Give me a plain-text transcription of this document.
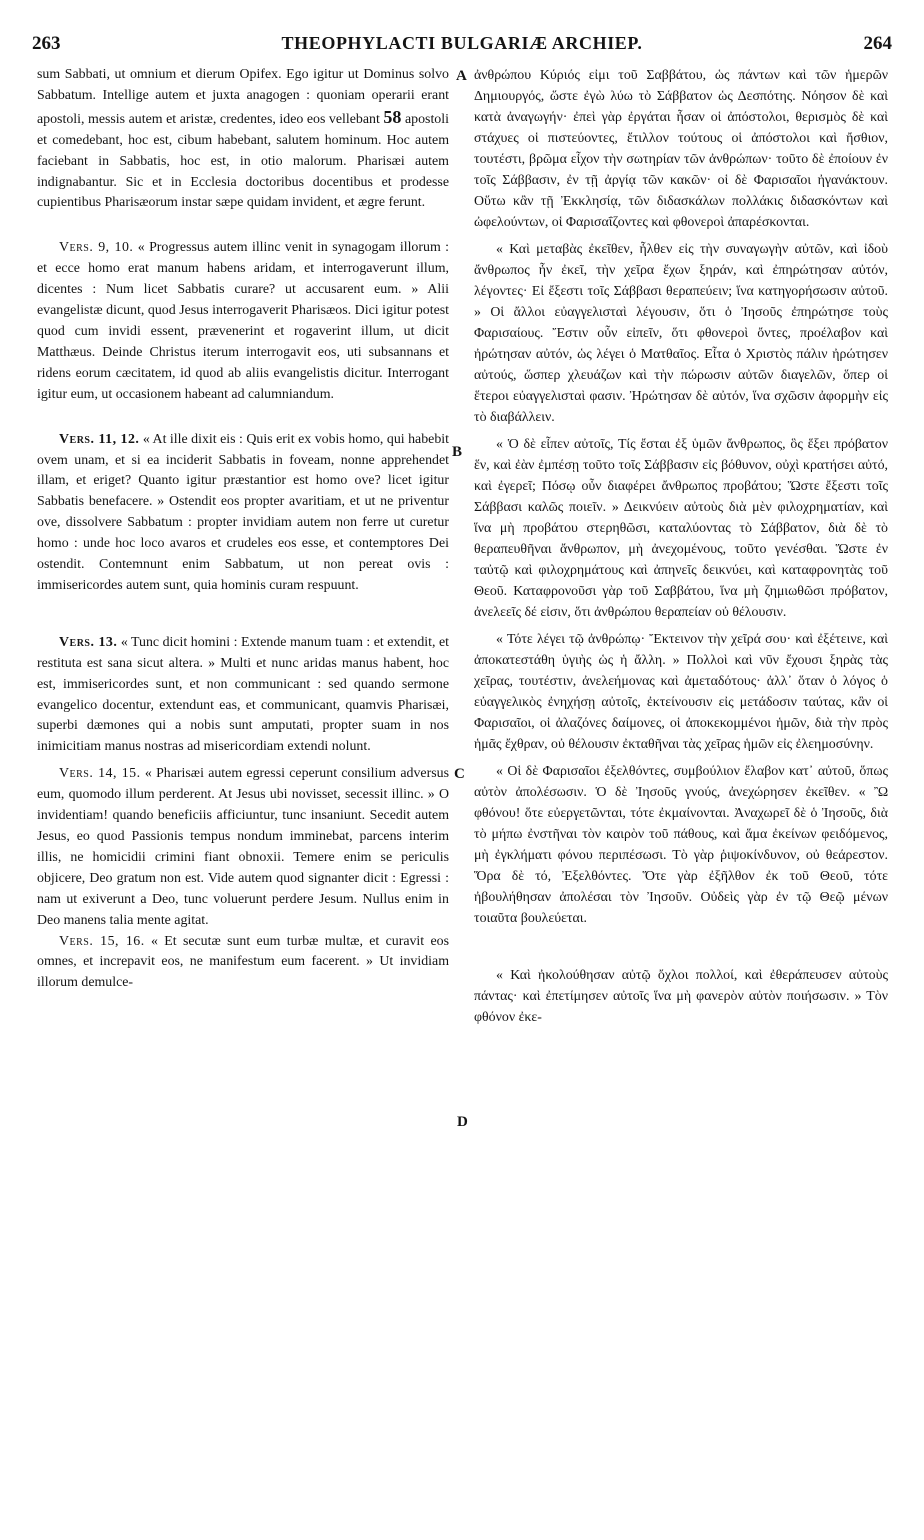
263	THEOPHYLACTI BULGARIÆ ARCHIEP.	264

sum Sabbati, ut omnium et dierum Opifex. Ego igitur ut Dominus solvo Sabbatum. Intellige autem et juxta anagogen : quoniam operarii erant apostoli, messis autem et aristæ, credentes, ideo eos vellebant 58 apostoli et comedebant, hoc est, cibum habebant, salutem hominum. Hoc autem faciebant in Sabbatis, hoc est, in otio malorum. Pharisæi autem indignabantur. Sic et in Ecclesia doctoribus docentibus et prodesse cupientibus Pharisæorum instar sæpe quidam invident, et ægre ferunt.

Vers. 9, 10. « Progressus autem illinc venit in synagogam illorum : et ecce homo erat manum habens aridam, et interrogaverunt illum, dicentes : Num licet Sabbatis curare? ut accusarent eum. » Alii evangelistæ dicunt, quod Jesus interrogaverit Pharisæos. Dici igitur potest quod cum invidi essent, prævenerint et rogaverint illum, ut dicit Matthæus. Deinde Christus iterum interrogavit eos, uti subsannans et ridens eorum cæcitatem, id quod ab aliis evangelistis dicitur. Interrogant igitur eum, ut occasionem habeant ad calumniandum.

Vers. 11, 12. « At ille dixit eis : Quis erit ex vobis homo, qui habebit ovem unam, et si ea inciderit Sabbatis in foveam, nonne apprehendet illam, et eriget? Quanto igitur præstantior est homo ove? licet igitur Sabbatis benefacere. » Ostendit eos propter avaritiam, et ut ne priventur ove, dissolvere Sabbatum : propter invidiam autem non ferre ut curetur homo : unde hoc loco avaros et crudeles eos esse, et contemptores Dei ostendit. Contemnunt enim Sabbatum, ut non pereat ovis : immisericordes autem sunt, quia hominis curam respuunt.

Vers. 13. « Tunc dicit homini : Extende manum tuam : et extendit, et restituta est sana sicut altera. » Multi et nunc aridas manus habent, hoc est, immisericordes sunt, et non communicant : sed quando sermone evangelico docentur, extendunt eas, et communicant, quamvis Pharisæi, superbi dæmones qui a nobis sunt amputati, propter suam in nos inimicitiam manus nostras ad misericordiam extendi nolunt.

Vers. 14, 15. « Pharisæi autem egressi ceperunt consilium adversus eum, quomodo illum perderent. At Jesus ubi novisset, secessit illinc. » O invidentiam! quando beneficiis afficiuntur, tunc insaniunt. Secedit autem Jesus, eo quod Passionis tempus nondum imminebat, parcens interim illis, ne homicidii crimini fiant obnoxii. Temere enim se periculis objicere, Deo gratum non est. Vide autem quod signanter dicit : Egressi : nam ut exiverunt a Deo, tunc voluerunt perdere Jesum. Nullus enim in Deo manens talia mente agitat.

Vers. 15, 16. « Et secutæ sunt eum turbæ multæ, et curavit eos omnes, et increpavit eos, ne manifestum eum facerent. » Ut invidiam illorum demulce-

A
B
C
D

ἀνθρώπου Κύριός εἰμι τοῦ Σαββάτου, ὡς πάντων καὶ τῶν ἡμερῶν Δημιουργός, ὥστε ἐγὼ λύω τὸ Σάββατον ὡς Δεσπότης. Νόησον δὲ καὶ κατὰ ἀναγωγήν· ἐπεὶ γὰρ ἐργάται ἦσαν οἱ ἀπόστολοι, θερισμὸς δὲ καὶ στάχυες οἱ πιστεύοντες, ἔτιλλον τούτους οἱ ἀπόστολοι καὶ ἤσθιον, τουτέστι, βρῶμα εἶχον τὴν σωτηρίαν τῶν ἀνθρώπων· τοῦτο δὲ ἐποίουν ἐν τοῖς Σάββασιν, ἐν τῇ ἀργίᾳ τῶν κακῶν· οἱ δὲ Φαρισαῖοι ἠγανάκτουν. Οὕτω κἂν τῇ Ἐκκλησίᾳ, τῶν διδασκάλων πολλάκις διδασκόντων καὶ ὠφελούντων, οἱ Φαρισαΐζοντες καὶ φθονεροὶ ἀπαρέσκονται.

« Καὶ μεταβὰς ἐκεῖθεν, ἦλθεν εἰς τὴν συναγωγὴν αὐτῶν, καὶ ἰδοὺ ἄνθρωπος ἦν ἐκεῖ, τὴν χεῖρα ἔχων ξηράν, καὶ ἐπηρώτησαν αὐτόν, λέγοντες· Εἰ ἔξεστι τοῖς Σάββασι θεραπεύειν; ἵνα κατηγορήσωσιν αὐτοῦ. » Οἱ ἄλλοι εὐαγγελισταὶ λέγουσιν, ὅτι ὁ Ἰησοῦς ἐπηρώτησε τοὺς Φαρισαίους. Ἔστιν οὖν εἰπεῖν, ὅτι φθονεροὶ ὄντες, προέλαβον καὶ ἠρώτησαν αὐτόν, ὡς λέγει ὁ Ματθαῖος. Εἶτα ὁ Χριστὸς πάλιν ἠρώτησεν αὐτούς, ὥσπερ χλευάζων καὶ τὴν πώρωσιν αὐτῶν διαγελῶν, ὅπερ οἱ ἕτεροι εὐαγγελισταὶ φασιν. Ἠρώτησαν δὲ αὐτόν, ἵνα σχῶσιν ἀφορμὴν εἰς τὸ διαβάλλειν.

« Ὁ δὲ εἶπεν αὐτοῖς, Τίς ἔσται ἐξ ὑμῶν ἄνθρωπος, ὃς ἕξει πρόβατον ἕν, καὶ ἐὰν ἐμπέσῃ τοῦτο τοῖς Σάββασιν εἰς βόθυνον, οὐχὶ κρατήσει αὐτό, καὶ ἐγερεῖ; Πόσῳ οὖν διαφέρει ἄνθρωπος προβάτου; Ὥστε ἔξεστι τοῖς Σάββασι καλῶς ποιεῖν. » Δεικνύειν αὐτοὺς διὰ μὲν φιλοχρηματίαν, καὶ ἵνα μὴ προβάτου στερηθῶσι, καταλύοντας τὸ Σάββατον, διὰ δὲ τὸ θεραπευθῆναι ἄνθρωπον, μὴ ἀνεχομένους, τοῦτο γενέσθαι. Ὥστε ἐν ταὐτῷ καὶ φιλοχρημάτους καὶ ἀπηνεῖς δεικνύει, καὶ καταφρονητὰς τοῦ Θεοῦ. Καταφρονοῦσι γὰρ τοῦ Σαββάτου, ἵνα μὴ ζημιωθῶσι πρόβατον, ἀνελεεῖς δέ εἰσιν, ὅτι ἀνθρώπου θεραπείαν οὐ θέλουσιν.

« Τότε λέγει τῷ ἀνθρώπῳ· Ἔκτεινον τὴν χεῖρά σου· καὶ ἐξέτεινε, καὶ ἀποκατεστάθη ὑγιὴς ὡς ἡ ἄλλη. » Πολλοὶ καὶ νῦν ἔχουσι ξηρὰς τὰς χεῖρας, τουτέστιν, ἀνελεήμονας καὶ ἀμεταδότους· ἀλλ᾽ ὅταν ὁ λόγος ὁ εὐαγγελικὸς ἐνηχήσῃ αὐτοῖς, ἐκτείνουσιν εἰς μετάδοσιν ταύτας, κἂν οἱ Φαρισαῖοι, οἱ ἀλαζόνες δαίμονες, οἱ ἀποκεκομμένοι ἡμῶν, διὰ τὴν πρὸς ἡμᾶς ἔχθραν, οὐ θέλουσιν ἐκταθῆναι τὰς χεῖρας ἡμῶν εἰς ἐλεημοσύνην.

« Οἱ δὲ Φαρισαῖοι ἐξελθόντες, συμβούλιον ἔλαβον κατ᾽ αὐτοῦ, ὅπως αὐτὸν ἀπολέσωσιν. Ὁ δὲ Ἰησοῦς γνούς, ἀνεχώρησεν ἐκεῖθεν. « Ὢ φθόνου! ὅτε εὐεργετῶνται, τότε ἐκμαίνονται. Ἀναχωρεῖ δὲ ὁ Ἰησοῦς, διὰ τὸ μήπω ἐνστῆναι τὸν καιρὸν τοῦ πάθους, καὶ ἅμα ἐκείνων φειδόμενος, μὴ ἐγκλήματι φόνου περιπέσωσι. Τὸ γὰρ ῥιψοκίνδυνον, οὐ θεάρεστον. Ὅρα δὲ τό, Ἐξελθόντες. Ὅτε γὰρ ἐξῆλθον ἐκ τοῦ Θεοῦ, τότε ἠβουλήθησαν ἀπολέσαι τὸν Ἰησοῦν. Οὐδεὶς γὰρ ἐν τῷ Θεῷ μένων τοιαῦτα βουλεύεται.

« Καὶ ἠκολούθησαν αὐτῷ ὄχλοι πολλοί, καὶ ἐθεράπευσεν αὐτοὺς πάντας· καὶ ἐπετίμησεν αὐτοῖς ἵνα μὴ φανερὸν αὐτὸν ποιήσωσιν. » Τὸν φθόνον ἐκε-
